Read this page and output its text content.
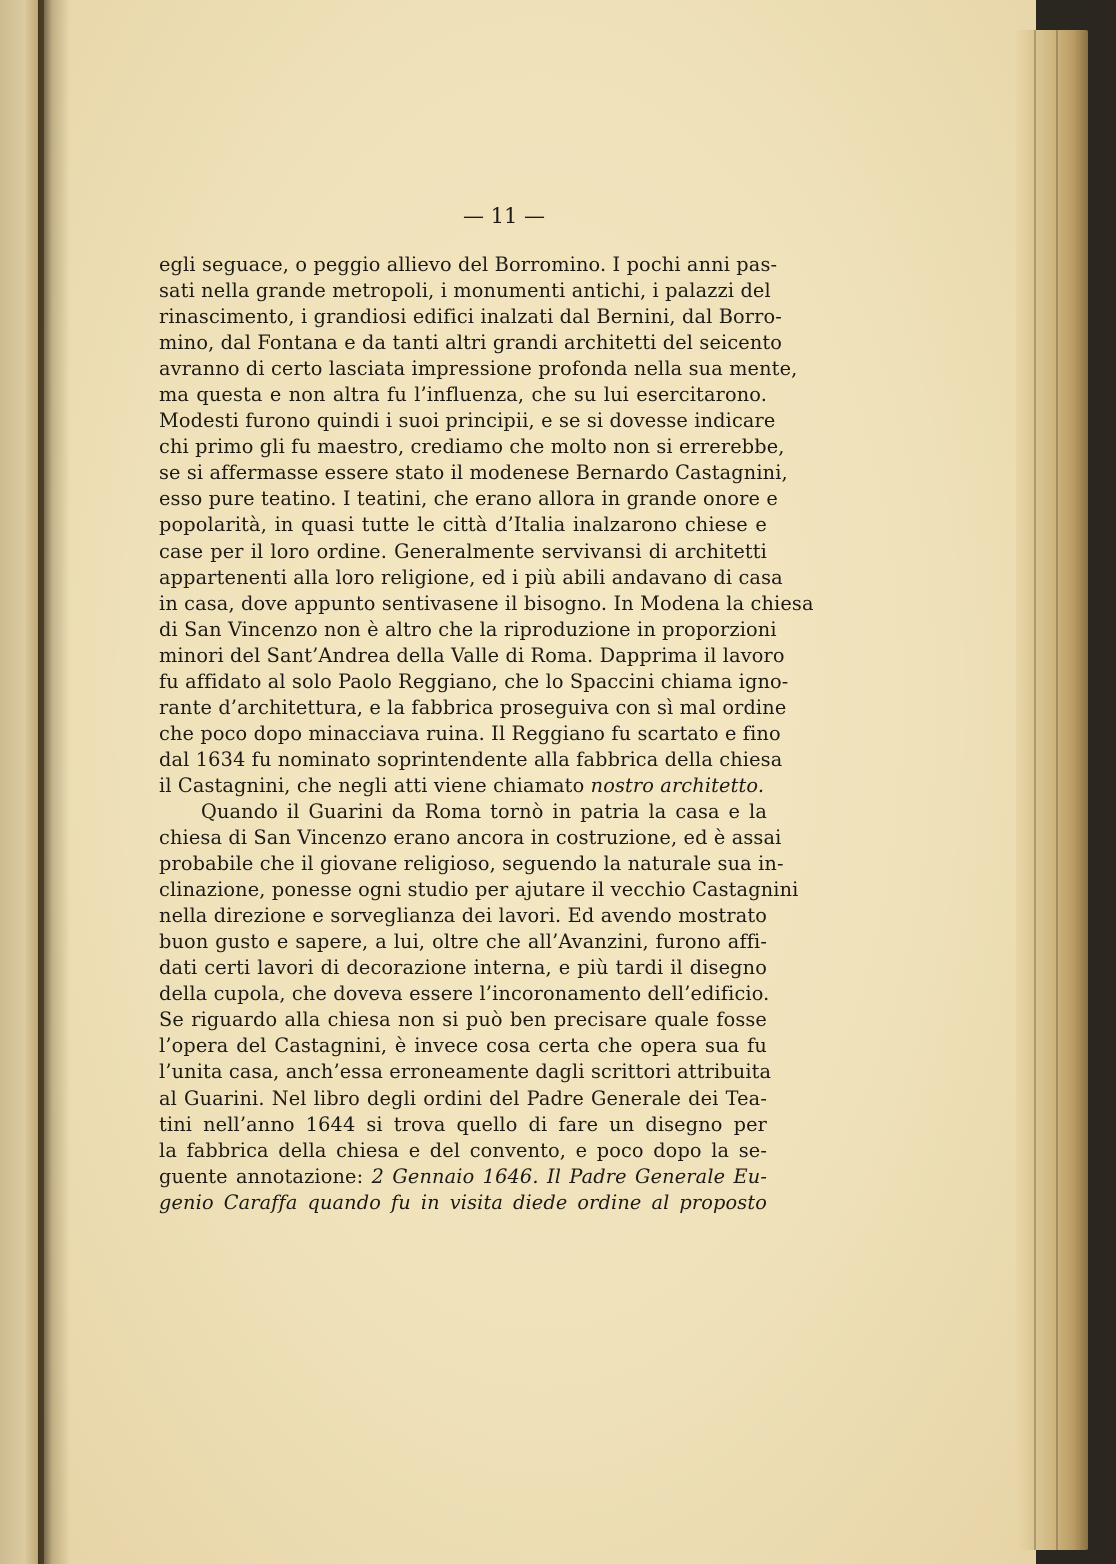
— 11 —
egli seguace, o peggio allievo del Borromino. I pochi anni pas-
sati nella grande metropoli, i monumenti antichi, i palazzi del
rinascimento, i grandiosi edifici inalzati dal Bernini, dal Borro-
mino, dal Fontana e da tanti altri grandi architetti del seicento
avranno di certo lasciata impressione profonda nella sua mente,
ma questa e non altra fu l’influenza, che su lui esercitarono.
Modesti furono quindi i suoi principii, e se si dovesse indicare
chi primo gli fu maestro, crediamo che molto non si errerebbe,
se si affermasse essere stato il modenese Bernardo Castagnini,
esso pure teatino. I teatini, che erano allora in grande onore e
popolarità, in quasi tutte le città d’Italia inalzarono chiese e
case per il loro ordine. Generalmente servivansi di architetti
appartenenti alla loro religione, ed i più abili andavano di casa
in casa, dove appunto sentivasene il bisogno. In Modena la chiesa
di San Vincenzo non è altro che la riproduzione in proporzioni
minori del Sant’Andrea della Valle di Roma. Dapprima il lavoro
fu affidato al solo Paolo Reggiano, che lo Spaccini chiama igno-
rante d’architettura, e la fabbrica proseguiva con sì mal ordine
che poco dopo minacciava ruina. Il Reggiano fu scartato e fino
dal 1634 fu nominato soprintendente alla fabbrica della chiesa
il Castagnini, che negli atti viene chiamato nostro architetto.
Quando il Guarini da Roma tornò in patria la casa e la
chiesa di San Vincenzo erano ancora in costruzione, ed è assai
probabile che il giovane religioso, seguendo la naturale sua in-
clinazione, ponesse ogni studio per ajutare il vecchio Castagnini
nella direzione e sorveglianza dei lavori. Ed avendo mostrato
buon gusto e sapere, a lui, oltre che all’Avanzini, furono affi-
dati certi lavori di decorazione interna, e più tardi il disegno
della cupola, che doveva essere l’incoronamento dell’edificio.
Se riguardo alla chiesa non si può ben precisare quale fosse
l’opera del Castagnini, è invece cosa certa che opera sua fu
l’unita casa, anch’essa erroneamente dagli scrittori attribuita
al Guarini. Nel libro degli ordini del Padre Generale dei Tea-
tini nell’anno 1644 si trova quello di fare un disegno per
la fabbrica della chiesa e del convento, e poco dopo la se-
guente annotazione: 2 Gennaio 1646. Il Padre Generale Eu-
genio Caraffa quando fu in visita diede ordine al proposto
